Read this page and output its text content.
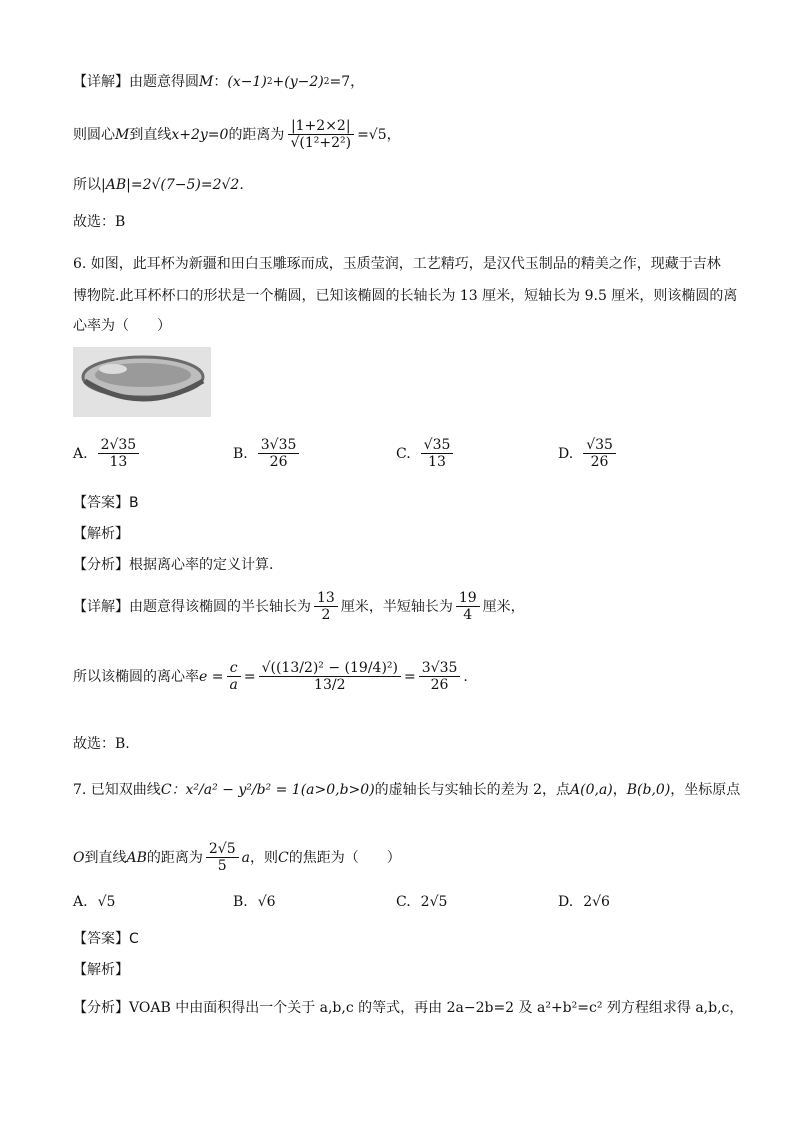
【详解】 由题意得圆 M ： (x−1) 2 +(y−2) 2 =7，
则圆心 M 到直线 x+2y=0 的距离为 $\frac{|1+2\times 2|}{\text{√(1²+2²)}} =√5$，
所以 |AB|=2√(7−5)=2√2.
故选：B
6. 如图，此耳杯为新疆和田白玉雕琢而成，玉质莹润，工艺精巧，是汉代玉制品的精美之作，现藏于吉林
博物院.此耳杯杯口的形状是一个椭圆，已知该椭圆的长轴长为 13 厘米，短轴长为 9.5 厘米，则该椭圆的离
心率为（　　）
A. $\frac{2√35}{13}$	B. $\frac{3√35}{26}$	C. $\frac{√35}{13}$	D. $\frac{√35}{26}$
【答案】B
【解析】
【分析】根据离心率的定义计算.
【详解】由题意得该椭圆的半长轴长为 $\frac{13}{2}$ 厘米，半短轴长为 $\frac{19}{4}$ 厘米，
所以该椭圆的离心率 $e = \frac{c}{a} = \frac{\text{√((13/2)² − (19/4)²)}}{13/2} = \frac{3√35}{26}$ .
故选：B.
7. 已知双曲线 C： x²/a² − y²/b² = 1(a>0,b>0) 的虚轴长与实轴长的差为 2，点 A(0,a) ， B(b,0) ，坐标原点
O 到直线 AB 的距离为 $\frac{2√5}{5}$ a ，则 C 的焦距为（　　）
A. √5	B. √6	C. 2√5	D. 2√6
【答案】C
【解析】
【分析】VOAB 中由面积得出一个关于 a,b,c 的等式，再由 2a−2b=2 及 a²+b²=c² 列方程组求得 a,b,c，
